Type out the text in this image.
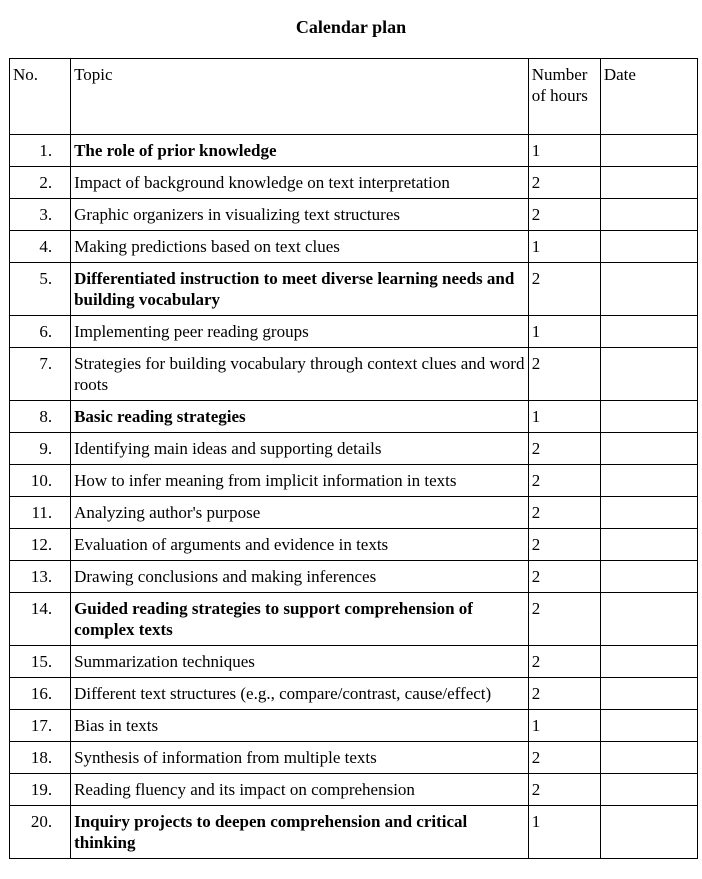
Calendar plan
No.	Topic	Number of hours	Date
1.	The role of prior knowledge	1	
2.	Impact of background knowledge on text interpretation	2	
3.	Graphic organizers in visualizing text structures	2	
4.	Making predictions based on text clues	1	
5.	Differentiated instruction to meet diverse learning needs and building vocabulary	2	
6.	Implementing peer reading groups	1	
7.	Strategies for building vocabulary through context clues and word roots	2	
8.	Basic reading strategies	1	
9.	Identifying main ideas and supporting details	2	
10.	How to infer meaning from implicit information in texts	2	
11.	Analyzing author's purpose	2	
12.	Evaluation of arguments and evidence in texts	2	
13.	Drawing conclusions and making inferences	2	
14.	Guided reading strategies to support comprehension of complex texts	2	
15.	Summarization techniques	2	
16.	Different text structures (e.g., compare/contrast, cause/effect)	2	
17.	Bias in texts	1	
18.	Synthesis of information from multiple texts	2	
19.	Reading fluency and its impact on comprehension	2	
20.	Inquiry projects to deepen comprehension and critical thinking	1	
